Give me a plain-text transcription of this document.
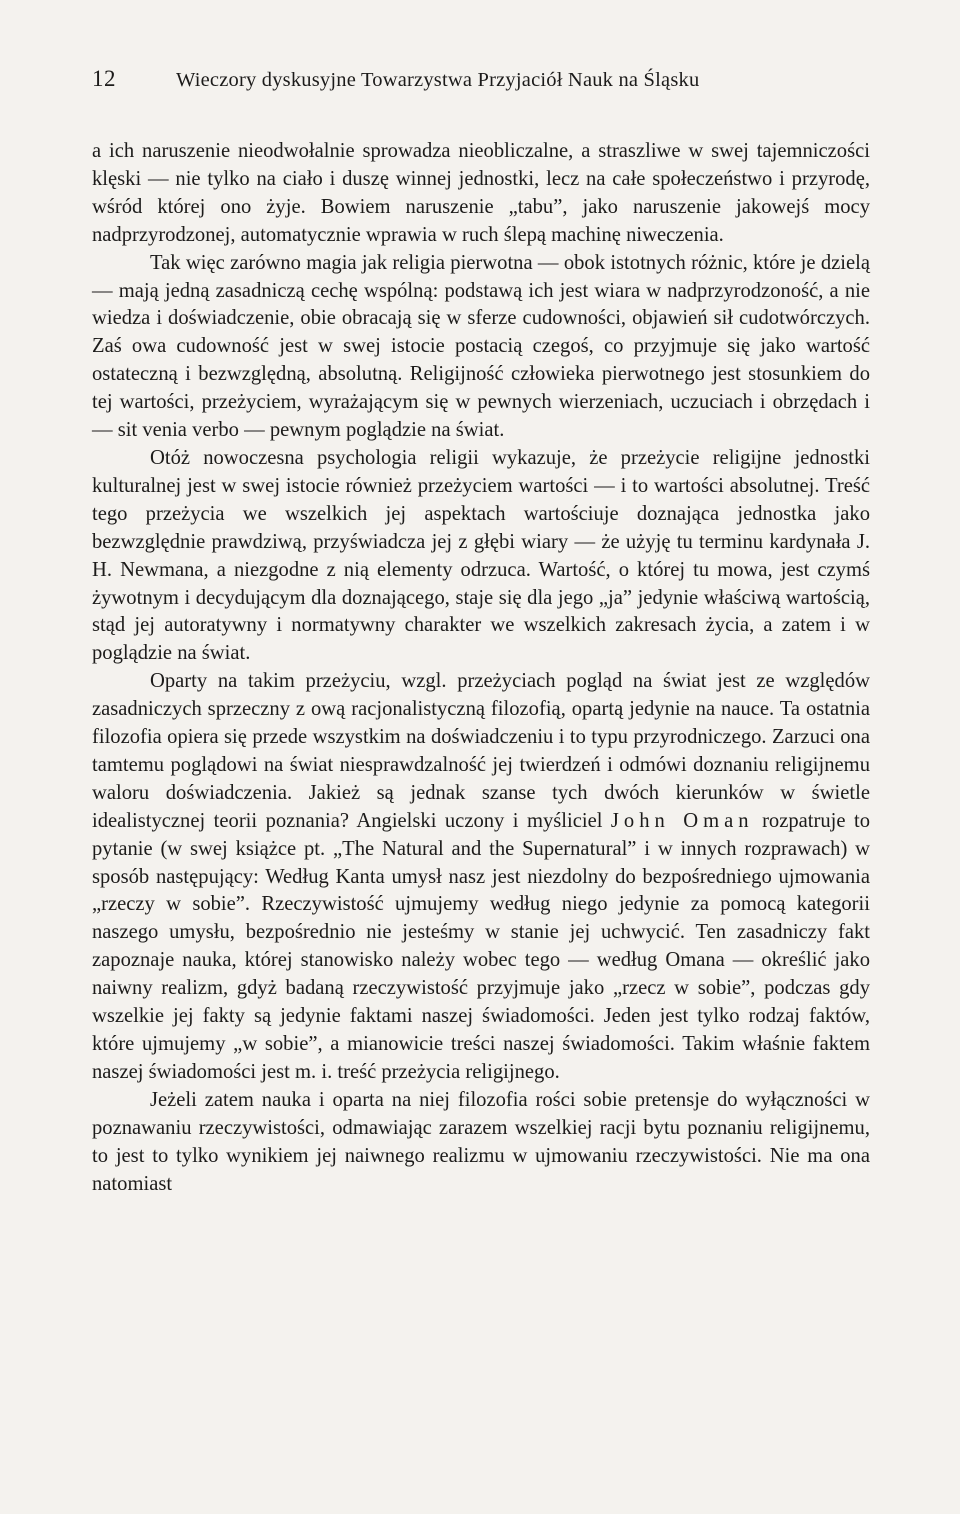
12	Wieczory dyskusyjne Towarzystwa Przyjaciół Nauk na Śląsku

a ich naruszenie nieodwołalnie sprowadza nieobliczalne, a straszliwe w swej tajemniczości klęski — nie tylko na ciało i duszę winnej jednostki, lecz na całe społeczeństwo i przyrodę, wśród której ono żyje. Bowiem naruszenie „tabu”, jako naruszenie jakowejś mocy nadprzyrodzonej, automatycznie wprawia w ruch ślepą machinę niweczenia.

Tak więc zarówno magia jak religia pierwotna — obok istotnych różnic, które je dzielą — mają jedną zasadniczą cechę wspólną: podstawą ich jest wiara w nadprzyrodzoność, a nie wiedza i doświadczenie, obie obracają się w sferze cudowności, objawień sił cudotwórczych. Zaś owa cudowność jest w swej istocie postacią czegoś, co przyjmuje się jako wartość ostateczną i bezwzględną, absolutną. Religijność człowieka pierwotnego jest stosunkiem do tej wartości, przeżyciem, wyrażającym się w pewnych wierzeniach, uczuciach i obrzędach i — sit venia verbo — pewnym poglądzie na świat.

Otóż nowoczesna psychologia religii wykazuje, że przeżycie religijne jednostki kulturalnej jest w swej istocie również przeżyciem wartości — i to wartości absolutnej. Treść tego przeżycia we wszelkich jej aspektach wartościuje doznająca jednostka jako bezwzględnie prawdziwą, przyświadcza jej z głębi wiary — że użyję tu terminu kardynała J. H. Newmana, a niezgodne z nią elementy odrzuca. Wartość, o której tu mowa, jest czymś żywotnym i decydującym dla doznającego, staje się dla jego „ja” jedynie właściwą wartością, stąd jej autoratywny i normatywny charakter we wszelkich zakresach życia, a zatem i w poglądzie na świat.

Oparty na takim przeżyciu, wzgl. przeżyciach pogląd na świat jest ze względów zasadniczych sprzeczny z ową racjonalistyczną filozofią, opartą jedynie na nauce. Ta ostatnia filozofia opiera się przede wszystkim na doświadczeniu i to typu przyrodniczego. Zarzuci ona tamtemu poglądowi na świat niesprawdzalność jej twierdzeń i odmówi doznaniu religijnemu waloru doświadczenia. Jakież są jednak szanse tych dwóch kierunków w świetle idealistycznej teorii poznania? Angielski uczony i myśliciel John Oman rozpatruje to pytanie (w swej książce pt. „The Natural and the Supernatural” i w innych rozprawach) w sposób następujący: Według Kanta umysł nasz jest niezdolny do bezpośredniego ujmowania „rzeczy w sobie”. Rzeczywistość ujmujemy według niego jedynie za pomocą kategorii naszego umysłu, bezpośrednio nie jesteśmy w stanie jej uchwycić. Ten zasadniczy fakt zapoznaje nauka, której stanowisko należy wobec tego — według Omana — określić jako naiwny realizm, gdyż badaną rzeczywistość przyjmuje jako „rzecz w sobie”, podczas gdy wszelkie jej fakty są jedynie faktami naszej świadomości. Jeden jest tylko rodzaj faktów, które ujmujemy „w sobie”, a mianowicie treści naszej świadomości. Takim właśnie faktem naszej świadomości jest m. i. treść przeżycia religijnego.

Jeżeli zatem nauka i oparta na niej filozofia rości sobie pretensje do wyłączności w poznawaniu rzeczywistości, odmawiając zarazem wszelkiej racji bytu poznaniu religijnemu, to jest to tylko wynikiem jej naiwnego realizmu w ujmowaniu rzeczywistości. Nie ma ona natomiast
